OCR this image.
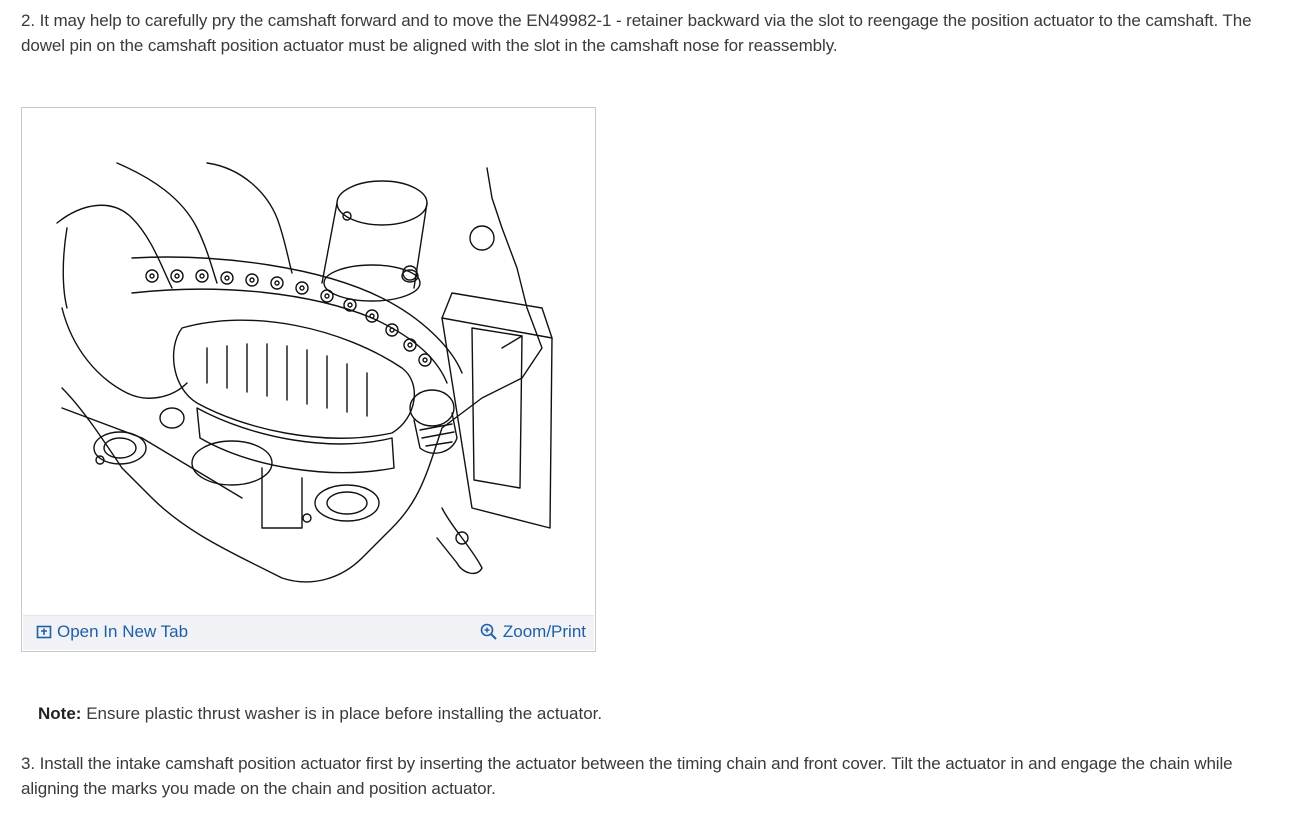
2. It may help to carefully pry the camshaft forward and to move the EN49982-1 - retainer backward via the slot to reengage the position actuator to the camshaft. The dowel pin on the camshaft position actuator must be aligned with the slot in the camshaft nose for reassembly.
Open In New Tab	Zoom/Print
Note: Ensure plastic thrust washer is in place before installing the actuator.
3. Install the intake camshaft position actuator first by inserting the actuator between the timing chain and front cover. Tilt the actuator in and engage the chain while aligning the marks you made on the chain and position actuator.
